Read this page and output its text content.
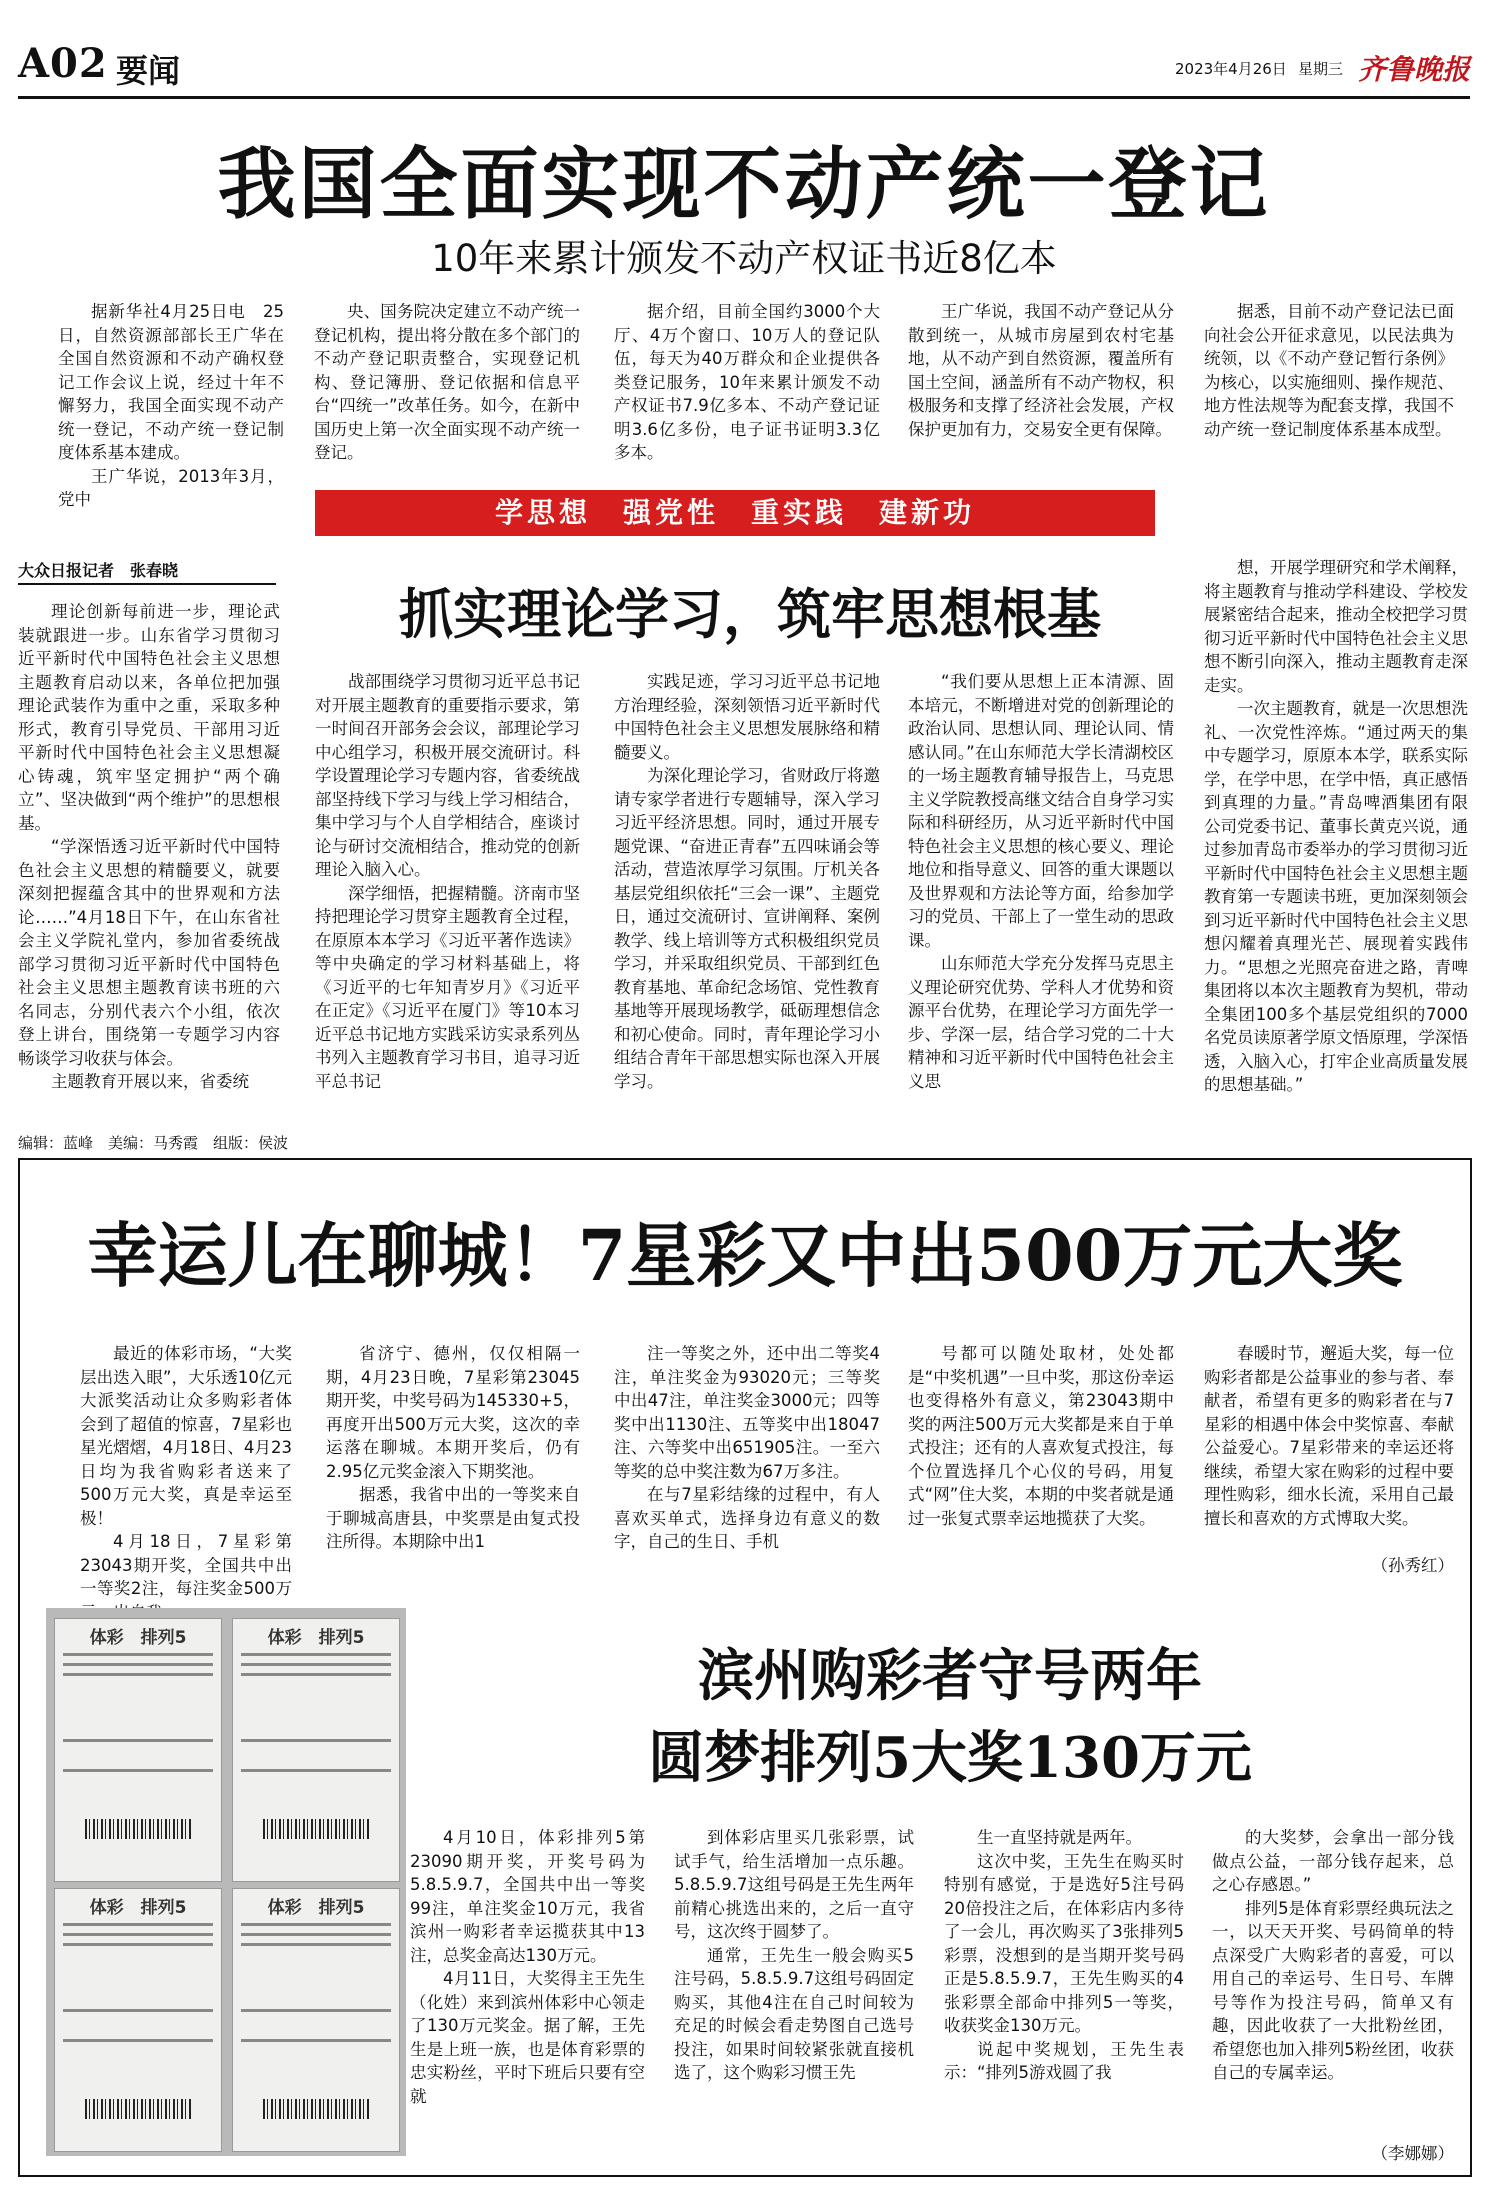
A02 要闻	2023年4月26日 星期三 齐鲁晚报
我国全面实现不动产统一登记
10年来累计颁发不动产权证书近8亿本

据新华社4月25日电　25日，自然资源部部长王广华在全国自然资源和不动产确权登记工作会议上说，经过十年不懈努力，我国全面实现不动产统一登记，不动产统一登记制度体系基本建成。

王广华说，2013年3月，党中

央、国务院决定建立不动产统一登记机构，提出将分散在多个部门的不动产登记职责整合，实现登记机构、登记簿册、登记依据和信息平台“四统一”改革任务。如今，在新中国历史上第一次全面实现不动产统一登记。

据介绍，目前全国约3000个大厅、4万个窗口、10万人的登记队伍，每天为40万群众和企业提供各类登记服务，10年来累计颁发不动产权证书7.9亿多本、不动产登记证明3.6亿多份，电子证书证明3.3亿多本。

王广华说，我国不动产登记从分散到统一，从城市房屋到农村宅基地，从不动产到自然资源，覆盖所有国土空间，涵盖所有不动产物权，积极服务和支撑了经济社会发展，产权保护更加有力，交易安全更有保障。

据悉，目前不动产登记法已面向社会公开征求意见，以民法典为统领，以《不动产登记暂行条例》为核心，以实施细则、操作规范、地方性法规等为配套支撑，我国不动产统一登记制度体系基本成型。

学思想　强党性　重实践　建新功
大众日报记者　张春晓
抓实理论学习，筑牢思想根基

理论创新每前进一步，理论武装就跟进一步。山东省学习贯彻习近平新时代中国特色社会主义思想主题教育启动以来，各单位把加强理论武装作为重中之重，采取多种形式，教育引导党员、干部用习近平新时代中国特色社会主义思想凝心铸魂，筑牢坚定拥护“两个确立”、坚决做到“两个维护”的思想根基。

“学深悟透习近平新时代中国特色社会主义思想的精髓要义，就要深刻把握蕴含其中的世界观和方法论……”4月18日下午，在山东省社会主义学院礼堂内，参加省委统战部学习贯彻习近平新时代中国特色社会主义思想主题教育读书班的六名同志，分别代表六个小组，依次登上讲台，围绕第一专题学习内容畅谈学习收获与体会。

主题教育开展以来，省委统

战部围绕学习贯彻习近平总书记对开展主题教育的重要指示要求，第一时间召开部务会会议，部理论学习中心组学习，积极开展交流研讨。科学设置理论学习专题内容，省委统战部坚持线下学习与线上学习相结合，集中学习与个人自学相结合，座谈讨论与研讨交流相结合，推动党的创新理论入脑入心。

深学细悟，把握精髓。济南市坚持把理论学习贯穿主题教育全过程，在原原本本学习《习近平著作选读》等中央确定的学习材料基础上，将《习近平的七年知青岁月》《习近平在正定》《习近平在厦门》等10本习近平总书记地方实践采访实录系列丛书列入主题教育学习书目，追寻习近平总书记

实践足迹，学习习近平总书记地方治理经验，深刻领悟习近平新时代中国特色社会主义思想发展脉络和精髓要义。

为深化理论学习，省财政厅将邀请专家学者进行专题辅导，深入学习习近平经济思想。同时，通过开展专题党课、“奋进正青春”五四味诵会等活动，营造浓厚学习氛围。厅机关各基层党组织依托“三会一课”、主题党日，通过交流研讨、宣讲阐释、案例教学、线上培训等方式积极组织党员学习，并采取组织党员、干部到红色教育基地、革命纪念场馆、党性教育基地等开展现场教学，砥砺理想信念和初心使命。同时，青年理论学习小组结合青年干部思想实际也深入开展学习。

“我们要从思想上正本清源、固本培元，不断增进对党的创新理论的政治认同、思想认同、理论认同、情感认同。”在山东师范大学长清湖校区的一场主题教育辅导报告上，马克思主义学院教授高继文结合自身学习实际和科研经历，从习近平新时代中国特色社会主义思想的核心要义、理论地位和指导意义、回答的重大课题以及世界观和方法论等方面，给参加学习的党员、干部上了一堂生动的思政课。

山东师范大学充分发挥马克思主义理论研究优势、学科人才优势和资源平台优势，在理论学习方面先学一步、学深一层，结合学习党的二十大精神和习近平新时代中国特色社会主义思

想，开展学理研究和学术阐释，将主题教育与推动学科建设、学校发展紧密结合起来，推动全校把学习贯彻习近平新时代中国特色社会主义思想不断引向深入，推动主题教育走深走实。

一次主题教育，就是一次思想洗礼、一次党性淬炼。“通过两天的集中专题学习，原原本本学，联系实际学，在学中思，在学中悟，真正感悟到真理的力量。”青岛啤酒集团有限公司党委书记、董事长黄克兴说，通过参加青岛市委举办的学习贯彻习近平新时代中国特色社会主义思想主题教育第一专题读书班，更加深刻领会到习近平新时代中国特色社会主义思想闪耀着真理光芒、展现着实践伟力。“思想之光照亮奋进之路，青啤集团将以本次主题教育为契机，带动全集团100多个基层党组织的7000名党员读原著学原文悟原理，学深悟透，入脑入心，打牢企业高质量发展的思想基础。”

编辑：蓝峰　美编：马秀霞　组版：侯波
幸运儿在聊城！7星彩又中出500万元大奖

最近的体彩市场，“大奖层出迭入眼”，大乐透10亿元大派奖活动让众多购彩者体会到了超值的惊喜，7星彩也星光熠熠，4月18日、4月23日均为我省购彩者送来了500万元大奖，真是幸运至极！

4月18日，7星彩第23043期开奖，全国共中出一等奖2注，每注奖金500万

省济宁、德州，仅仅相隔一期，4月23日晚，7星彩第23045期开奖，中奖号码为145330+5，再度开出500万元大奖，这次的幸运落在聊城。本期开奖后，仍有2.95亿元奖金滚入下期奖池。

据悉，我省中出的一等奖来自于聊城高唐县，中奖票是由复式投注所得。本期除中出1

注一等奖之外，还中出二等奖4注，单注奖金为93020元；三等奖中出47注，单注奖金3000元；四等奖中出1130注、五等奖中出18047注、六等奖中出651905注。一至六等奖的总中奖注数为67万多注。

在与7星彩结缘的过程中，有人喜欢买单式，选择身边有意义的数字，自己的生日、手机

号都可以随处取材，处处都是“中奖机遇”一旦中奖，那这份幸运也变得格外有意义，第23043期中奖的两注500万元大奖都是来自于单式投注；还有的人喜欢复式投注，每个位置选择几个心仪的号码，用复式“网”住大奖，本期的中奖者就是通过一张复式票幸运地揽获了大奖。

春暖时节，邂逅大奖，每一位购彩者都是公益事业的参与者、奉献者，希望有更多的购彩者在与7星彩的相遇中体会中奖惊喜、奉献公益爱心。7星彩带来的幸运还将继续，希望大家在购彩的过程中要理性购彩，细水长流，采用自己最擅长和喜欢的方式博取大奖。

（孙秀红）
滨州购彩者守号两年
圆梦排列5大奖130万元
体彩　排列5	体彩　排列5
体彩　排列5	体彩　排列5

4月10日，体彩排列5第23090期开奖，开奖号码为5.8.5.9.7，全国共中出一等奖99注，单注奖金10万元，我省滨州一购彩者幸运揽获其中13注，总奖金高达130万元。

4月11日，大奖得主王先生（化姓）来到滨州体彩中心领走了130万元奖金。据了解，王先生是上班一族，也是体育彩票的忠实粉丝，平时下班后只要有空就

到体彩店里买几张彩票，试试手气，给生活增加一点乐趣。5.8.5.9.7这组号码是王先生两年前精心挑选出来的，之后一直守号，这次终于圆梦了。

通常，王先生一般会购买5注号码，5.8.5.9.7这组号码固定购买，其他4注在自己时间较为充足的时候会看走势图自己选号投注，如果时间较紧张就直接机选了，这个购彩习惯王先

生一直坚持就是两年。

这次中奖，王先生在购买时特别有感觉，于是选好5注号码20倍投注之后，在体彩店内多待了一会儿，再次购买了3张排列5彩票，没想到的是当期开奖号码正是5.8.5.9.7，王先生购买的4张彩票全部命中排列5一等奖，收获奖金130万元。

说起中奖规划，王先生表示：“排列5游戏圆了我

的大奖梦，会拿出一部分钱做点公益，一部分钱存起来，总之心存感恩。”

排列5是体育彩票经典玩法之一，以天天开奖、号码简单的特点深受广大购彩者的喜爱，可以用自己的幸运号、生日号、车牌号等作为投注号码，简单又有趣，因此收获了一大批粉丝团，希望您也加入排列5粉丝团，收获自己的专属幸运。

（李娜娜）
